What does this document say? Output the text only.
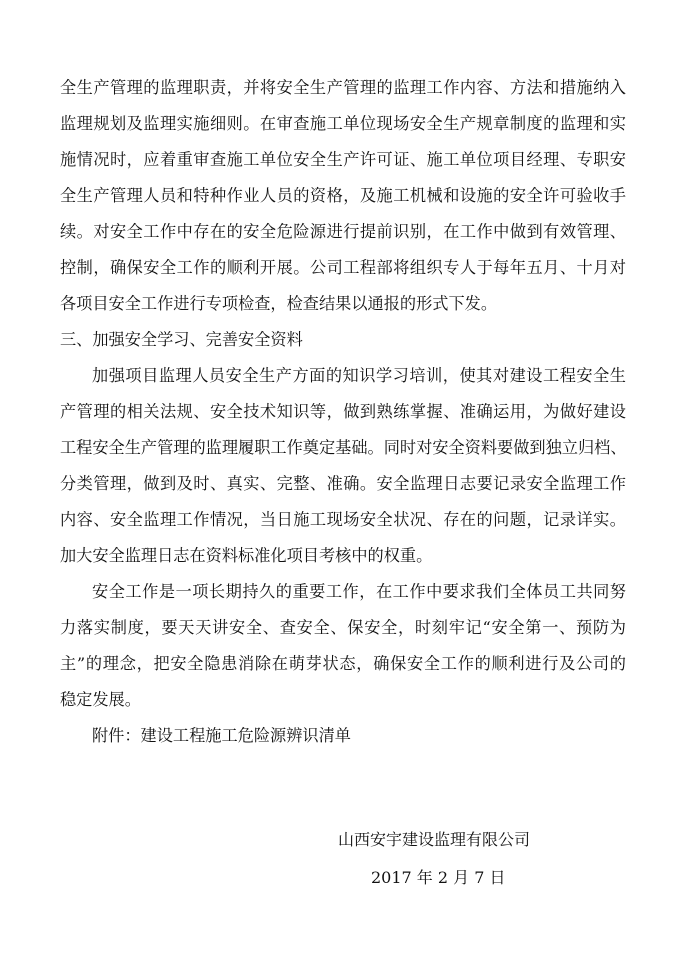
全生产管理的监理职责，并将安全生产管理的监理工作内容、方法和措施纳入
监理规划及监理实施细则。在审查施工单位现场安全生产规章制度的监理和实
施情况时，应着重审查施工单位安全生产许可证、施工单位项目经理、专职安
全生产管理人员和特种作业人员的资格，及施工机械和设施的安全许可验收手
续。对安全工作中存在的安全危险源进行提前识别，在工作中做到有效管理、
控制，确保安全工作的顺利开展。公司工程部将组织专人于每年五月、十月对
各项目安全工作进行专项检查，检查结果以通报的形式下发。
三、加强安全学习、完善安全资料
加强项目监理人员安全生产方面的知识学习培训，使其对建设工程安全生
产管理的相关法规、安全技术知识等，做到熟练掌握、准确运用，为做好建设
工程安全生产管理的监理履职工作奠定基础。同时对安全资料要做到独立归档、
分类管理，做到及时、真实、完整、准确。安全监理日志要记录安全监理工作
内容、安全监理工作情况，当日施工现场安全状况、存在的问题，记录详实。
加大安全监理日志在资料标准化项目考核中的权重。
安全工作是一项长期持久的重要工作，在工作中要求我们全体员工共同努
力落实制度，要天天讲安全、查安全、保安全，时刻牢记“安全第一、预防为
主”的理念，把安全隐患消除在萌芽状态，确保安全工作的顺利进行及公司的
稳定发展。
附件：建设工程施工危险源辨识清单
山西安宇建设监理有限公司
2017 年 2 月 7 日
